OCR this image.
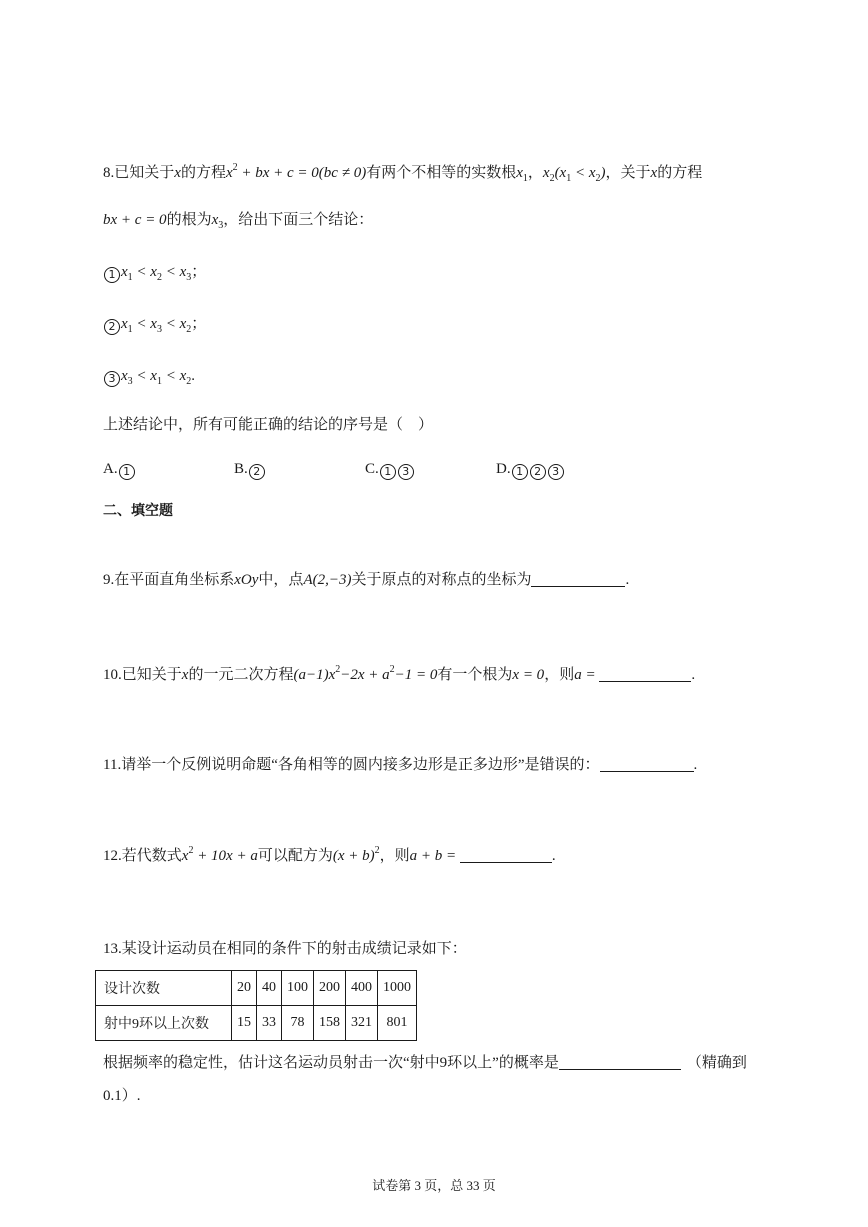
8.已知关于x的方程$x^2$ + bx + c = 0(bc ≠ 0)有两个不相等的实数根$x_1$，$x_2(x_1 < x_2)$，关于x的方程
bx + c = 0的根为$x_3$，给出下面三个结论：
1 $x_1 < x_2 < x_3$；
2 $x_1 < x_3 < x_2$；
3 $x_3 < x_1 < x_2$.
上述结论中，所有可能正确的结论的序号是（　）
A. 1	B. 2	C. 1 3	D. 1 2 3
二、填空题
9.在平面直角坐标系xOy中，点A(2,−3)关于原点的对称点的坐标为	.
10.已知关于x的一元二次方程$(a-1)x^2-2x + a^2-1 = 0$有一个根为x = 0，则a =	.
11.请举一个反例说明命题“各角相等的圆内接多边形是正多边形”是错误的：	.
12.若代数式$x^2 + 10x + a$可以配方为$(x + b)^2$，则a + b =	.
13.某设计运动员在相同的条件下的射击成绩记录如下：
设计次数	20	40	100	200	400	1000
射中9环以上次数	15	33	78	158	321	801
根据频率的稳定性，估计这名运动员射击一次“射中9环以上”的概率是	（精确到
0.1）.
试卷第 3 页，总 33 页
